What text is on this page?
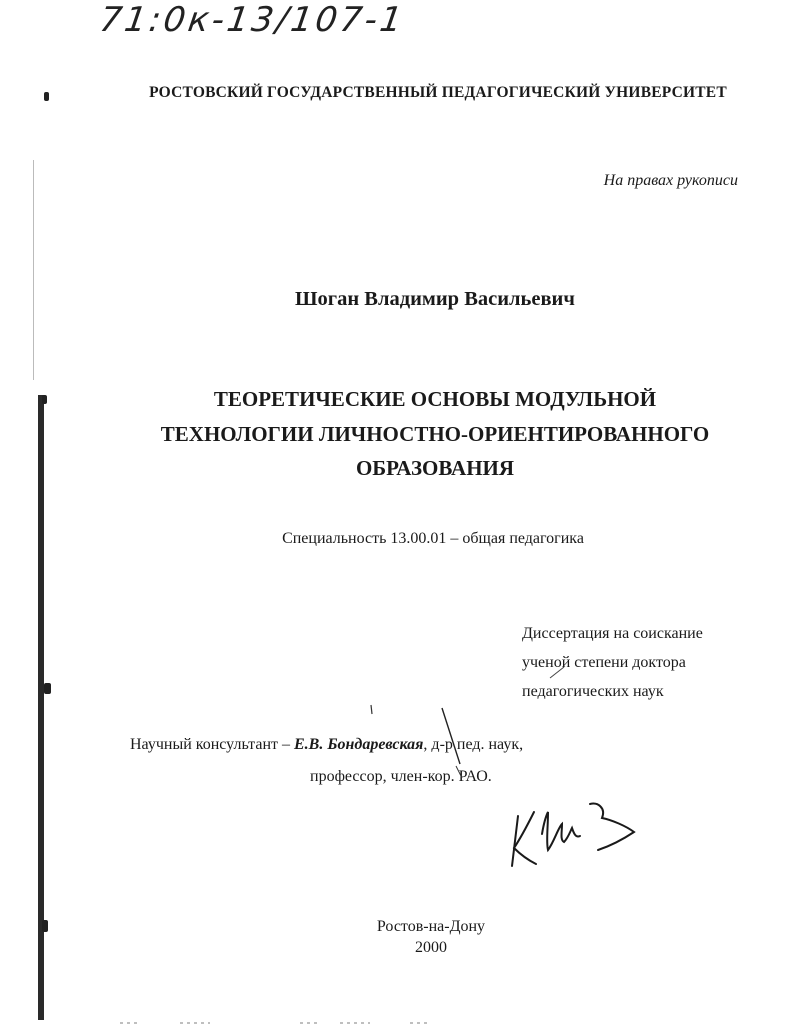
71:0к-13/107-1
РОСТОВСКИЙ ГОСУДАРСТВЕННЫЙ ПЕДАГОГИЧЕСКИЙ УНИВЕРСИТЕТ
На правах рукописи
Шоган Владимир Васильевич
ТЕОРЕТИЧЕСКИЕ ОСНОВЫ МОДУЛЬНОЙ
ТЕХНОЛОГИИ ЛИЧНОСТНО-ОРИЕНТИРОВАННОГО
ОБРАЗОВАНИЯ
Специальность 13.00.01 – общая педагогика
Диссертация на соискание
ученой степени доктора
педагогических наук
Научный консультант – Е.В. Бондаревская, д-р пед. наук,
профессор, член-кор. РАО.
Ростов-на-Дону
2000
